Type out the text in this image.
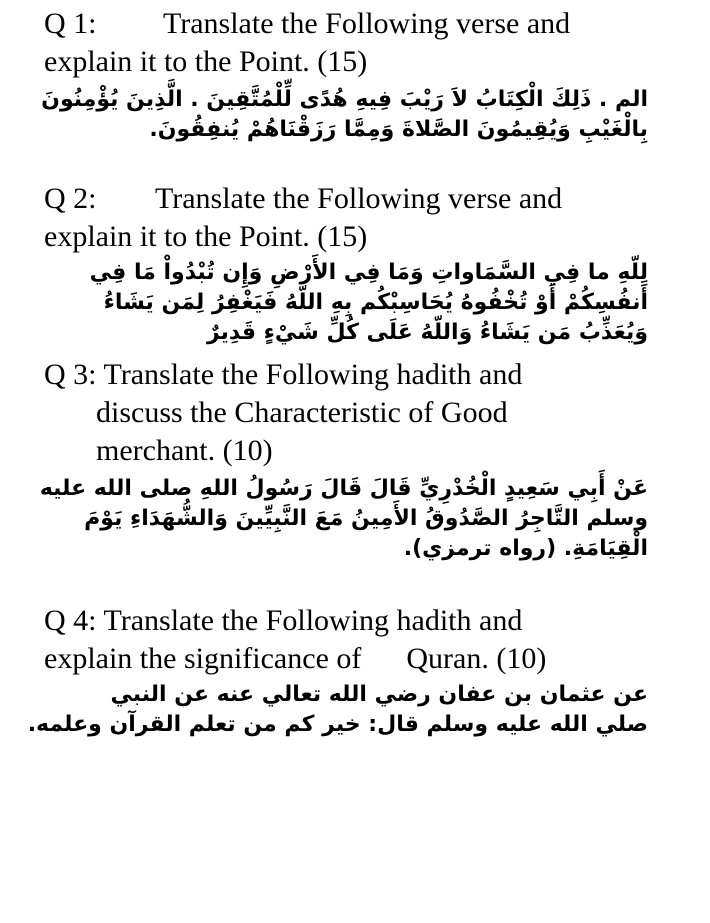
Q 1: Translate the Following verse and
explain it to the Point. (15)
الم . ذَلِكَ الْكِتَابُ لاَ رَيْبَ فِيهِ هُدًى لِّلْمُتَّقِينَ . الَّذِينَ يُؤْمِنُونَ
بِالْغَيْبِ وَيُقِيمُونَ الصَّلاةَ وَمِمَّا رَزَقْنَاهُمْ يُنفِقُونَ.
Q 2: Translate the Following verse and
explain it to the Point. (15)
لِلّهِ ما فِي السَّمَاواتِ وَمَا فِي الأَرْضِ وَإِن تُبْدُواْ مَا فِي
أَنفُسِكُمْ أَوْ تُخْفُوهُ يُحَاسِبْكُم بِهِ اللّهُ فَيَغْفِرُ لِمَن يَشَاءُ
وَيُعَذِّبُ مَن يَشَاءُ وَاللّهُ عَلَى كُلِّ شَيْءٍ قَدِيرٌ
Q 3: Translate the Following hadith and
discuss the Characteristic of Good
merchant. (10)
عَنْ أَبِي سَعِيدٍ الْخُدْرِيِّ قَالَ قَالَ رَسُولُ اللهِ صلى الله عليه
وسلم التَّاجِرُ الصَّدُوقُ الأَمِينُ مَعَ النَّبِيِّينَ وَالشُّهَدَاءِ يَوْمَ
الْقِيَامَةِ. (رواه ترمزي).
Q 4: Translate the Following hadith and
explain the significance of Quran. (10)
عن عثمان بن عفان رضي الله تعالي عنه عن النبي
صلي الله عليه وسلم قال: خير كم من تعلم القرآن وعلمه.
